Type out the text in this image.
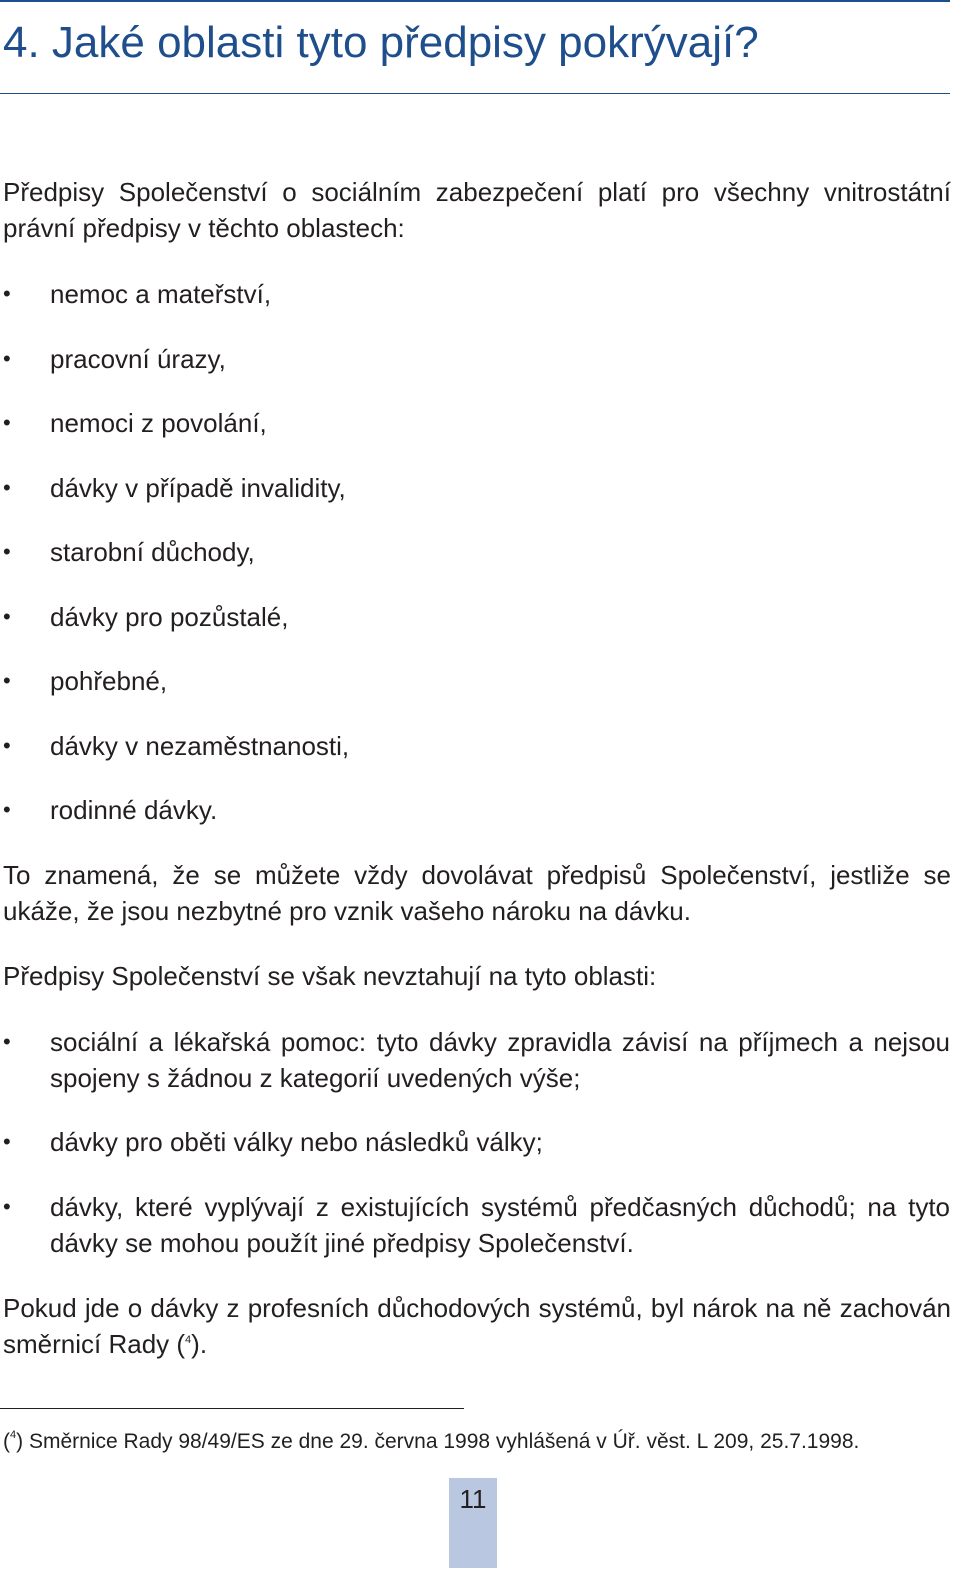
4. Jaké oblasti tyto předpisy pokrývají?

Předpisy Společenství o sociálním zabezpečení platí pro všechny vnitrostátní právní předpisy v těchto oblastech:

•	nemoc a mateřství,
•	pracovní úrazy,
•	nemoci z povolání,
•	dávky v případě invalidity,
•	starobní důchody,
•	dávky pro pozůstalé,
•	pohřebné,
•	dávky v nezaměstnanosti,
•	rodinné dávky.

To znamená, že se můžete vždy dovolávat předpisů Společenství, jestliže se ukáže, že jsou nezbytné pro vznik vašeho nároku na dávku.

Předpisy Společenství se však nevztahují na tyto oblasti:

•	sociální a lékařská pomoc: tyto dávky zpravidla závisí na příjmech a nejsou spojeny s žádnou z kategorií uvedených výše;
•	dávky pro oběti války nebo následků války;
•	dávky, které vyplývají z existujících systémů předčasných důchodů; na tyto dávky se mohou použít jiné předpisy Společenství.

Pokud jde o dávky z profesních důchodových systémů, byl nárok na ně zachován směrnicí Rady ($^4$).

($^4$) Směrnice Rady 98/49/ES ze dne 29. června 1998 vyhlášená v Úř. věst. L 209, 25.7.1998.

11
